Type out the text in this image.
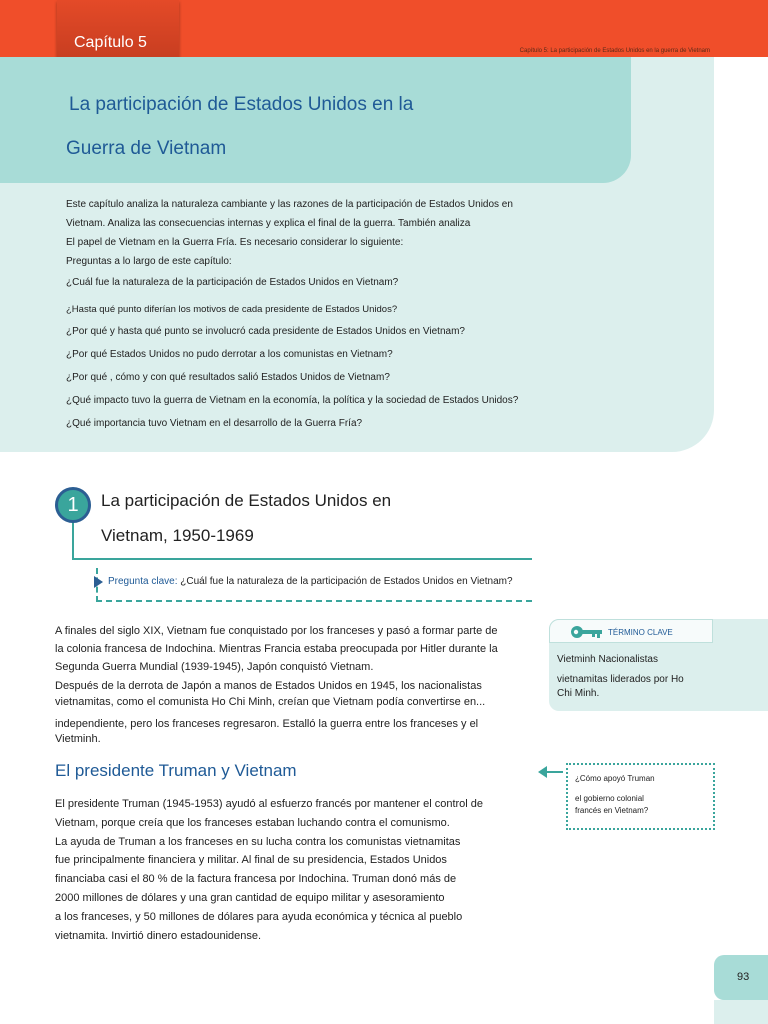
Capítulo 5	Capítulo 5: La participación de Estados Unidos en la guerra de Vietnam
La participación de Estados Unidos en la
Guerra de Vietnam
Este capítulo analiza la naturaleza cambiante y las razones de la participación de Estados Unidos en
Vietnam. Analiza las consecuencias internas y explica el final de la guerra. También analiza
El papel de Vietnam en la Guerra Fría. Es necesario considerar lo siguiente:
Preguntas a lo largo de este capítulo:
¿Cuál fue la naturaleza de la participación de Estados Unidos en Vietnam?
¿Hasta qué punto diferían los motivos de cada presidente de Estados Unidos?
¿Por qué y hasta qué punto se involucró cada presidente de Estados Unidos en Vietnam?
¿Por qué Estados Unidos no pudo derrotar a los comunistas en Vietnam?
¿Por qué , cómo y con qué resultados salió Estados Unidos de Vietnam?
¿Qué impacto tuvo la guerra de Vietnam en la economía, la política y la sociedad de Estados Unidos?
¿Qué importancia tuvo Vietnam en el desarrollo de la Guerra Fría?
1	La participación de Estados Unidos en
Vietnam, 1950-1969
Pregunta clave: ¿Cuál fue la naturaleza de la participación de Estados Unidos en Vietnam?
A finales del siglo XIX, Vietnam fue conquistado por los franceses y pasó a formar parte de
la colonia francesa de Indochina. Mientras Francia estaba preocupada por Hitler durante la
Segunda Guerra Mundial (1939-1945), Japón conquistó Vietnam.
Después de la derrota de Japón a manos de Estados Unidos en 1945, los nacionalistas
vietnamitas, como el comunista Ho Chi Minh, creían que Vietnam podía convertirse en...
independiente, pero los franceses regresaron. Estalló la guerra entre los franceses y el
Vietminh.
El presidente Truman y Vietnam
El presidente Truman (1945-1953) ayudó al esfuerzo francés por mantener el control de
Vietnam, porque creía que los franceses estaban luchando contra el comunismo.
La ayuda de Truman a los franceses en su lucha contra los comunistas vietnamitas
fue principalmente financiera y militar. Al final de su presidencia, Estados Unidos
financiaba casi el 80 % de la factura francesa por Indochina. Truman donó más de
2000 millones de dólares y una gran cantidad de equipo militar y asesoramiento
a los franceses, y 50 millones de dólares para ayuda económica y técnica al pueblo
vietnamita. Invirtió dinero estadounidense.
TÉRMINO CLAVE
Vietminh Nacionalistas
vietnamitas liderados por Ho
Chi Minh.
¿Cómo apoyó Truman
el gobierno colonial
francés en Vietnam?
93
